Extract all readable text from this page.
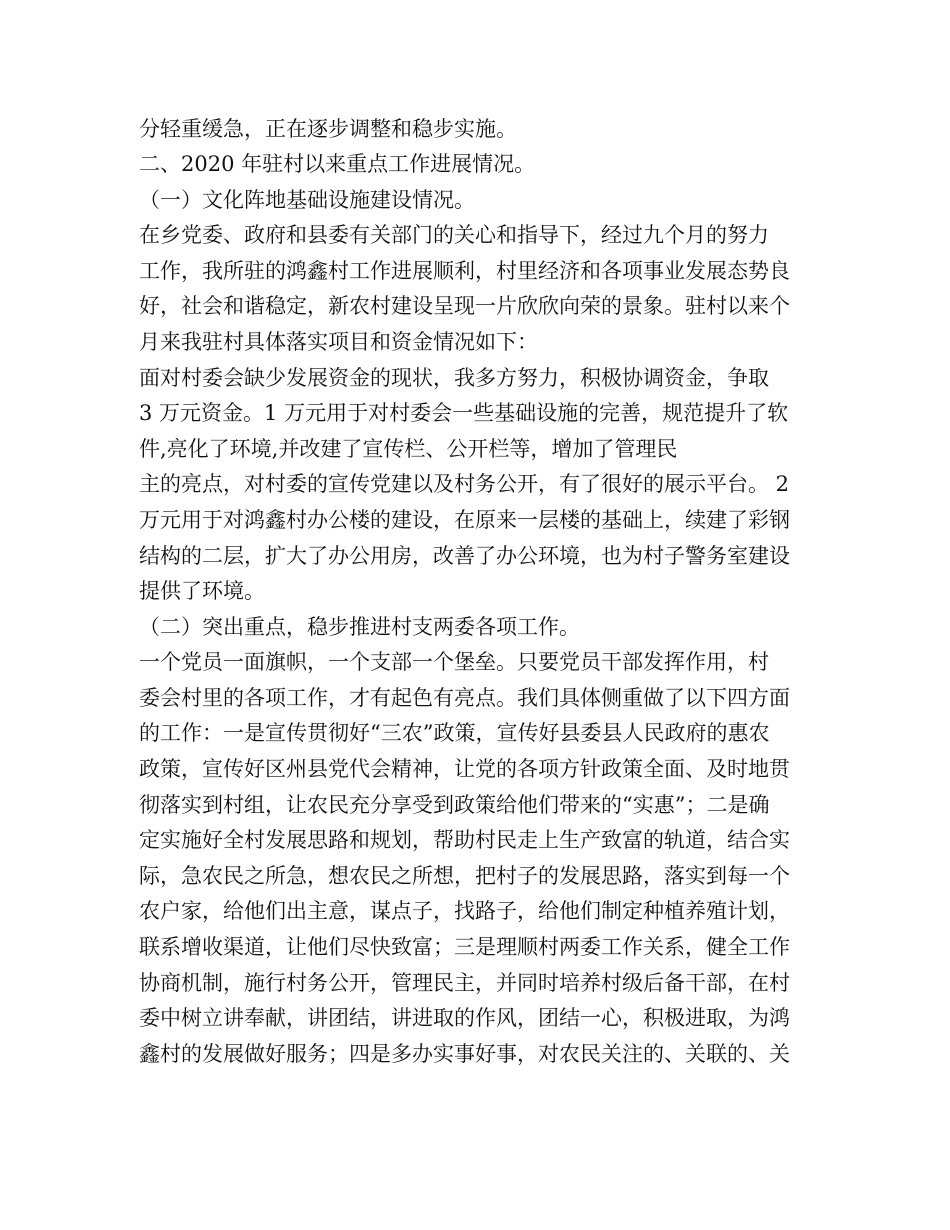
分轻重缓急，正在逐步调整和稳步实施。
二、2020 年驻村以来重点工作进展情况。
（一）文化阵地基础设施建设情况。
在乡党委、政府和县委有关部门的关心和指导下，经过九个月的努力
工作，我所驻的鸿鑫村工作进展顺利，村里经济和各项事业发展态势良
好，社会和谐稳定，新农村建设呈现一片欣欣向荣的景象。驻村以来个
月来我驻村具体落实项目和资金情况如下：
面对村委会缺少发展资金的现状，我多方努力，积极协调资金，争取
3 万元资金。1 万元用于对村委会一些基础设施的完善，规范提升了软
件,亮化了环境,并改建了宣传栏、公开栏等，增加了管理民
主的亮点，对村委的宣传党建以及村务公开，有了很好的展示平台。 2
万元用于对鸿鑫村办公楼的建设，在原来一层楼的基础上，续建了彩钢
结构的二层，扩大了办公用房，改善了办公环境，也为村子警务室建设
提供了环境。
（二）突出重点，稳步推进村支两委各项工作。
一个党员一面旗帜，一个支部一个堡垒。只要党员干部发挥作用，村
委会村里的各项工作，才有起色有亮点。我们具体侧重做了以下四方面
的工作：一是宣传贯彻好“三农”政策，宣传好县委县人民政府的惠农
政策，宣传好区州县党代会精神，让党的各项方针政策全面、及时地贯
彻落实到村组，让农民充分享受到政策给他们带来的“实惠”；二是确
定实施好全村发展思路和规划，帮助村民走上生产致富的轨道，结合实
际，急农民之所急，想农民之所想，把村子的发展思路，落实到每一个
农户家，给他们出主意，谋点子，找路子，给他们制定种植养殖计划，
联系增收渠道，让他们尽快致富；三是理顺村两委工作关系，健全工作
协商机制，施行村务公开，管理民主，并同时培养村级后备干部，在村
委中树立讲奉献，讲团结，讲进取的作风，团结一心，积极进取，为鸿
鑫村的发展做好服务；四是多办实事好事，对农民关注的、关联的、关
